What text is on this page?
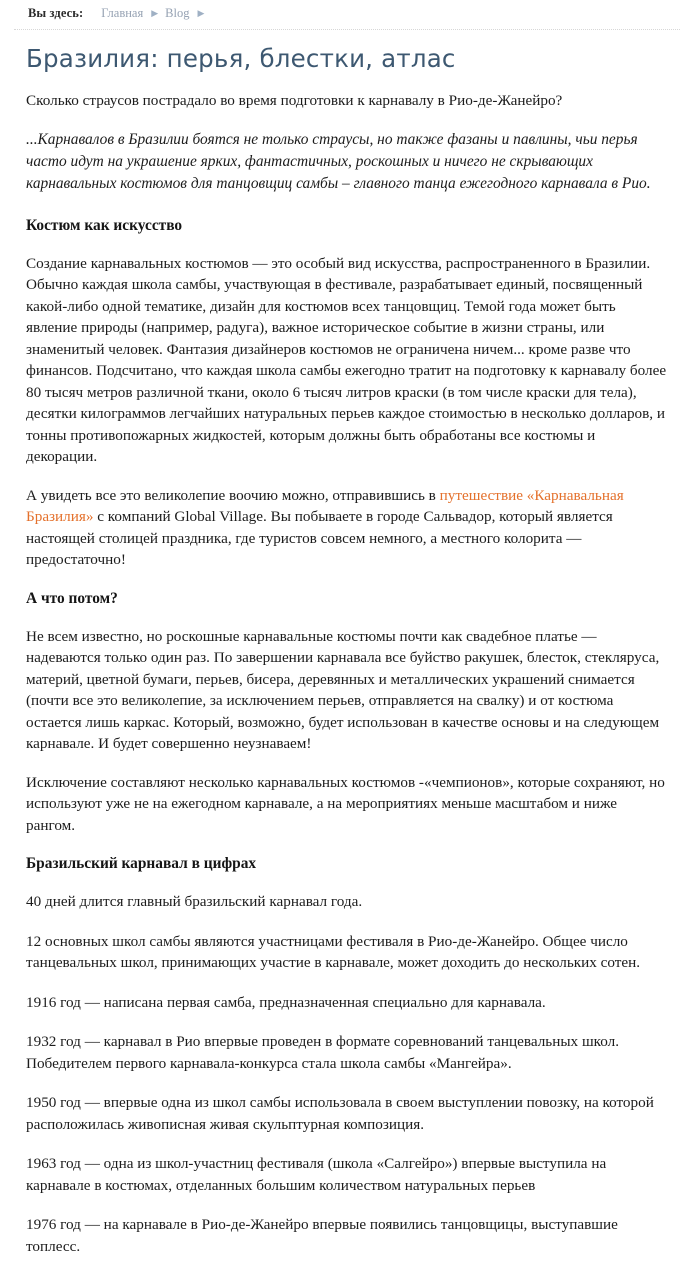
Вы здесь: Главная ▶ Blog ▶
Бразилия: перья, блестки, атлас

Сколько страусов пострадало во время подготовки к карнавалу в Рио-де-Жанейро?

...Карнавалов в Бразилии боятся не только страусы, но также фазаны и павлины, чьи перья часто идут на украшение ярких, фантастичных, роскошных и ничего не скрывающих карнавальных костюмов для танцовщиц самбы – главного танца ежегодного карнавала в Рио.

Костюм как искусство

Создание карнавальных костюмов — это особый вид искусства, распространенного в Бразилии. Обычно каждая школа самбы, участвующая в фестивале, разрабатывает единый, посвященный какой-либо одной тематике, дизайн для костюмов всех танцовщиц. Темой года может быть явление природы (например, радуга), важное историческое событие в жизни страны, или знаменитый человек. Фантазия дизайнеров костюмов не ограничена ничем... кроме разве что финансов. Подсчитано, что каждая школа самбы ежегодно тратит на подготовку к карнавалу более 80 тысяч метров различной ткани, около 6 тысяч литров краски (в том числе краски для тела), десятки килограммов легчайших натуральных перьев каждое стоимостью в несколько долларов, и тонны противопожарных жидкостей, которым должны быть обработаны все костюмы и декорации.

А увидеть все это великолепие воочию можно, отправившись в путешествие «Карнавальная Бразилия» с компаний Global Village. Вы побываете в городе Сальвадор, который является настоящей столицей праздника, где туристов совсем немного, а местного колорита — предостаточно!

А что потом?

Не всем известно, но роскошные карнавальные костюмы почти как свадебное платье — надеваются только один раз. По завершении карнавала все буйство ракушек, блесток, стекляруса, материй, цветной бумаги, перьев, бисера, деревянных и металлических украшений снимается (почти все это великолепие, за исключением перьев, отправляется на свалку) и от костюма остается лишь каркас. Который, возможно, будет использован в качестве основы и на следующем карнавале. И будет совершенно неузнаваем!

Исключение составляют несколько карнавальных костюмов -«чемпионов», которые сохраняют, но используют уже не на ежегодном карнавале, а на мероприятиях меньше масштабом и ниже рангом.

Бразильский карнавал в цифрах

40 дней длится главный бразильский карнавал года.

12 основных школ самбы являются участницами фестиваля в Рио-де-Жанейро. Общее число танцевальных школ, принимающих участие в карнавале, может доходить до нескольких сотен.

1916 год — написана первая самба, предназначенная специально для карнавала.

1932 год — карнавал в Рио впервые проведен в формате соревнований танцевальных школ. Победителем первого карнавала-конкурса стала школа самбы «Мангейра».

1950 год — впервые одна из школ самбы использовала в своем выступлении повозку, на которой расположилась живописная живая скульптурная композиция.

1963 год — одна из школ-участниц фестиваля (школа «Салгейро») впервые выступила на карнавале в костюмах, отделанных большим количеством натуральных перьев

1976 год — на карнавале в Рио-де-Жанейро впервые появились танцовщицы, выступавшие топлесс.
